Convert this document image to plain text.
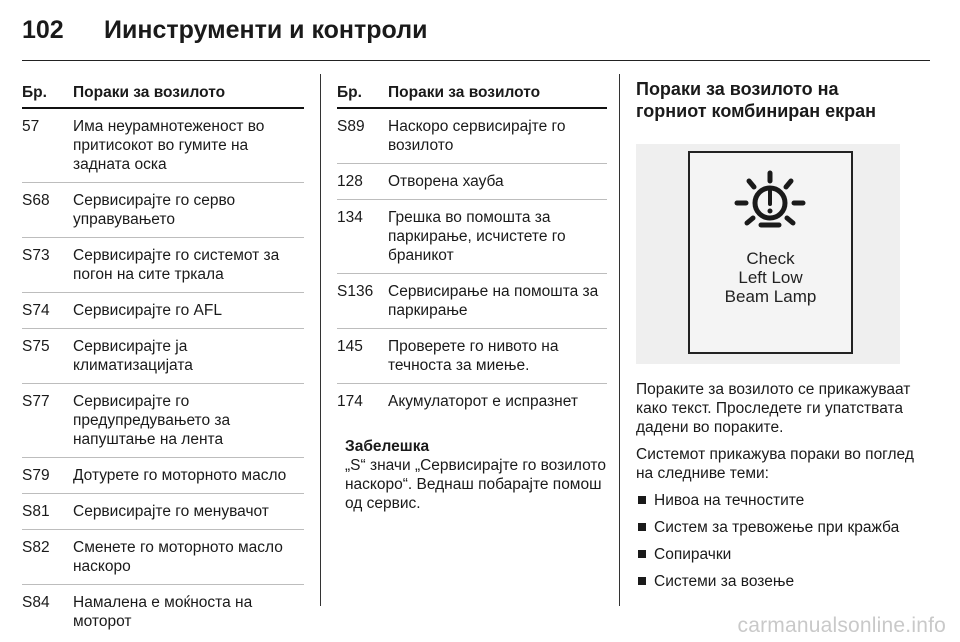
102	Иинструменти и контроли
Бр.	Пораки за возилото
57	Има неурамнотеженост во притисокот во гумите на задната оска
S68	Сервисирајте го серво управувањето
S73	Сервисирајте го системот за погон на сите тркала
S74	Сервисирајте го AFL
S75	Сервисирајте ја климатизацијата
S77	Сервисирајте го предупредувањето за напуштање на лента
S79	Дотурете го моторното масло
S81	Сервисирајте го менувачот
S82	Сменете го моторното масло наскоро
S84	Намалена е моќноста на моторот
Бр.	Пораки за возилото
S89	Наскоро сервисирајте го возилото
128	Отворена хауба
134	Грешка во помошта за паркирање, исчистете го браникот
S136	Сервисирање на помошта за паркирање
145	Проверете го нивото на течноста за миење.
174	Акумулаторот е испразнет
Забелешка
„S“ значи „Сервисирајте го возилото наскоро“. Веднаш побарајте помош од сервис.
Пораки за возилото на
горниот комбиниран екран
Check
Left Low
Beam Lamp

Пораките за возилото се прикажуваат како текст. Проследете ги упатствата дадени во пораките.

Системот прикажува пораки во поглед на следниве теми:

Нивоа на течностите
Систем за тревожење при кражба
Сопирачки
Системи за возење
carmanualsonline.info
